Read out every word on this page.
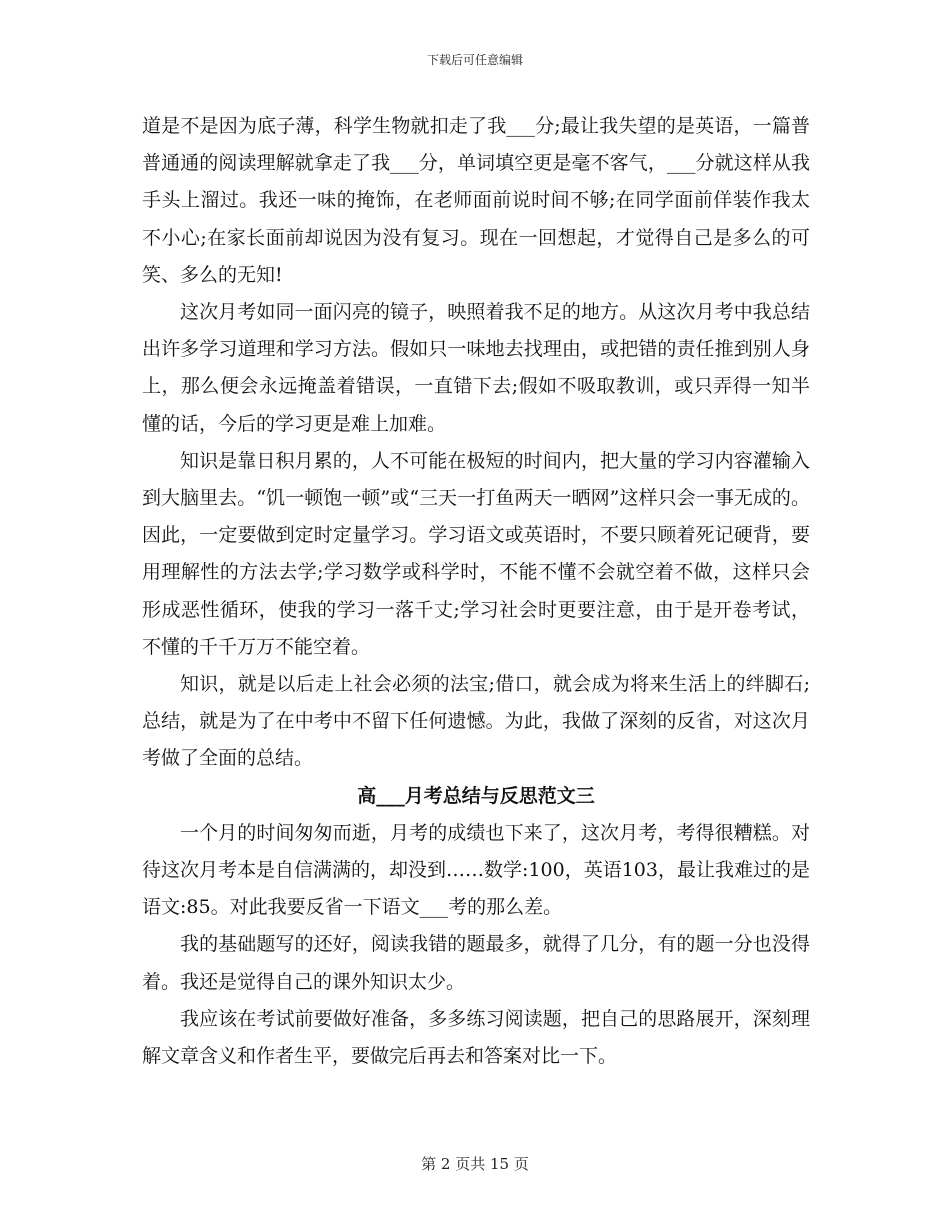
下载后可任意编辑

道是不是因为底子薄，科学生物就扣走了我___分;最让我失望的是英语，一篇普普通通的阅读理解就拿走了我___分，单词填空更是毫不客气，___分就这样从我手头上溜过。我还一味的掩饰，在老师面前说时间不够;在同学面前佯装作我太不小心;在家长面前却说因为没有复习。现在一回想起，才觉得自己是多么的可笑、多么的无知!

这次月考如同一面闪亮的镜子，映照着我不足的地方。从这次月考中我总结出许多学习道理和学习方法。假如只一味地去找理由，或把错的责任推到别人身上，那么便会永远掩盖着错误，一直错下去;假如不吸取教训，或只弄得一知半懂的话，今后的学习更是难上加难。

知识是靠日积月累的，人不可能在极短的时间内，把大量的学习内容灌输入到大脑里去。“饥一顿饱一顿”或“三天一打鱼两天一晒网”这样只会一事无成的。因此，一定要做到定时定量学习。学习语文或英语时，不要只顾着死记硬背，要用理解性的方法去学;学习数学或科学时，不能不懂不会就空着不做，这样只会形成恶性循环，使我的学习一落千丈;学习社会时更要注意，由于是开卷考试，不懂的千千万万不能空着。

知识，就是以后走上社会必须的法宝;借口，就会成为将来生活上的绊脚石;总结，就是为了在中考中不留下任何遗憾。为此，我做了深刻的反省，对这次月考做了全面的总结。

高___月考总结与反思范文三

一个月的时间匆匆而逝，月考的成绩也下来了，这次月考，考得很糟糕。对待这次月考本是自信满满的，却没到……数学:100，英语103，最让我难过的是语文:85。对此我要反省一下语文___考的那么差。

我的基础题写的还好，阅读我错的题最多，就得了几分，有的题一分也没得着。我还是觉得自己的课外知识太少。

我应该在考试前要做好准备，多多练习阅读题，把自己的思路展开，深刻理解文章含义和作者生平，要做完后再去和答案对比一下。

第 2 页共 15 页
